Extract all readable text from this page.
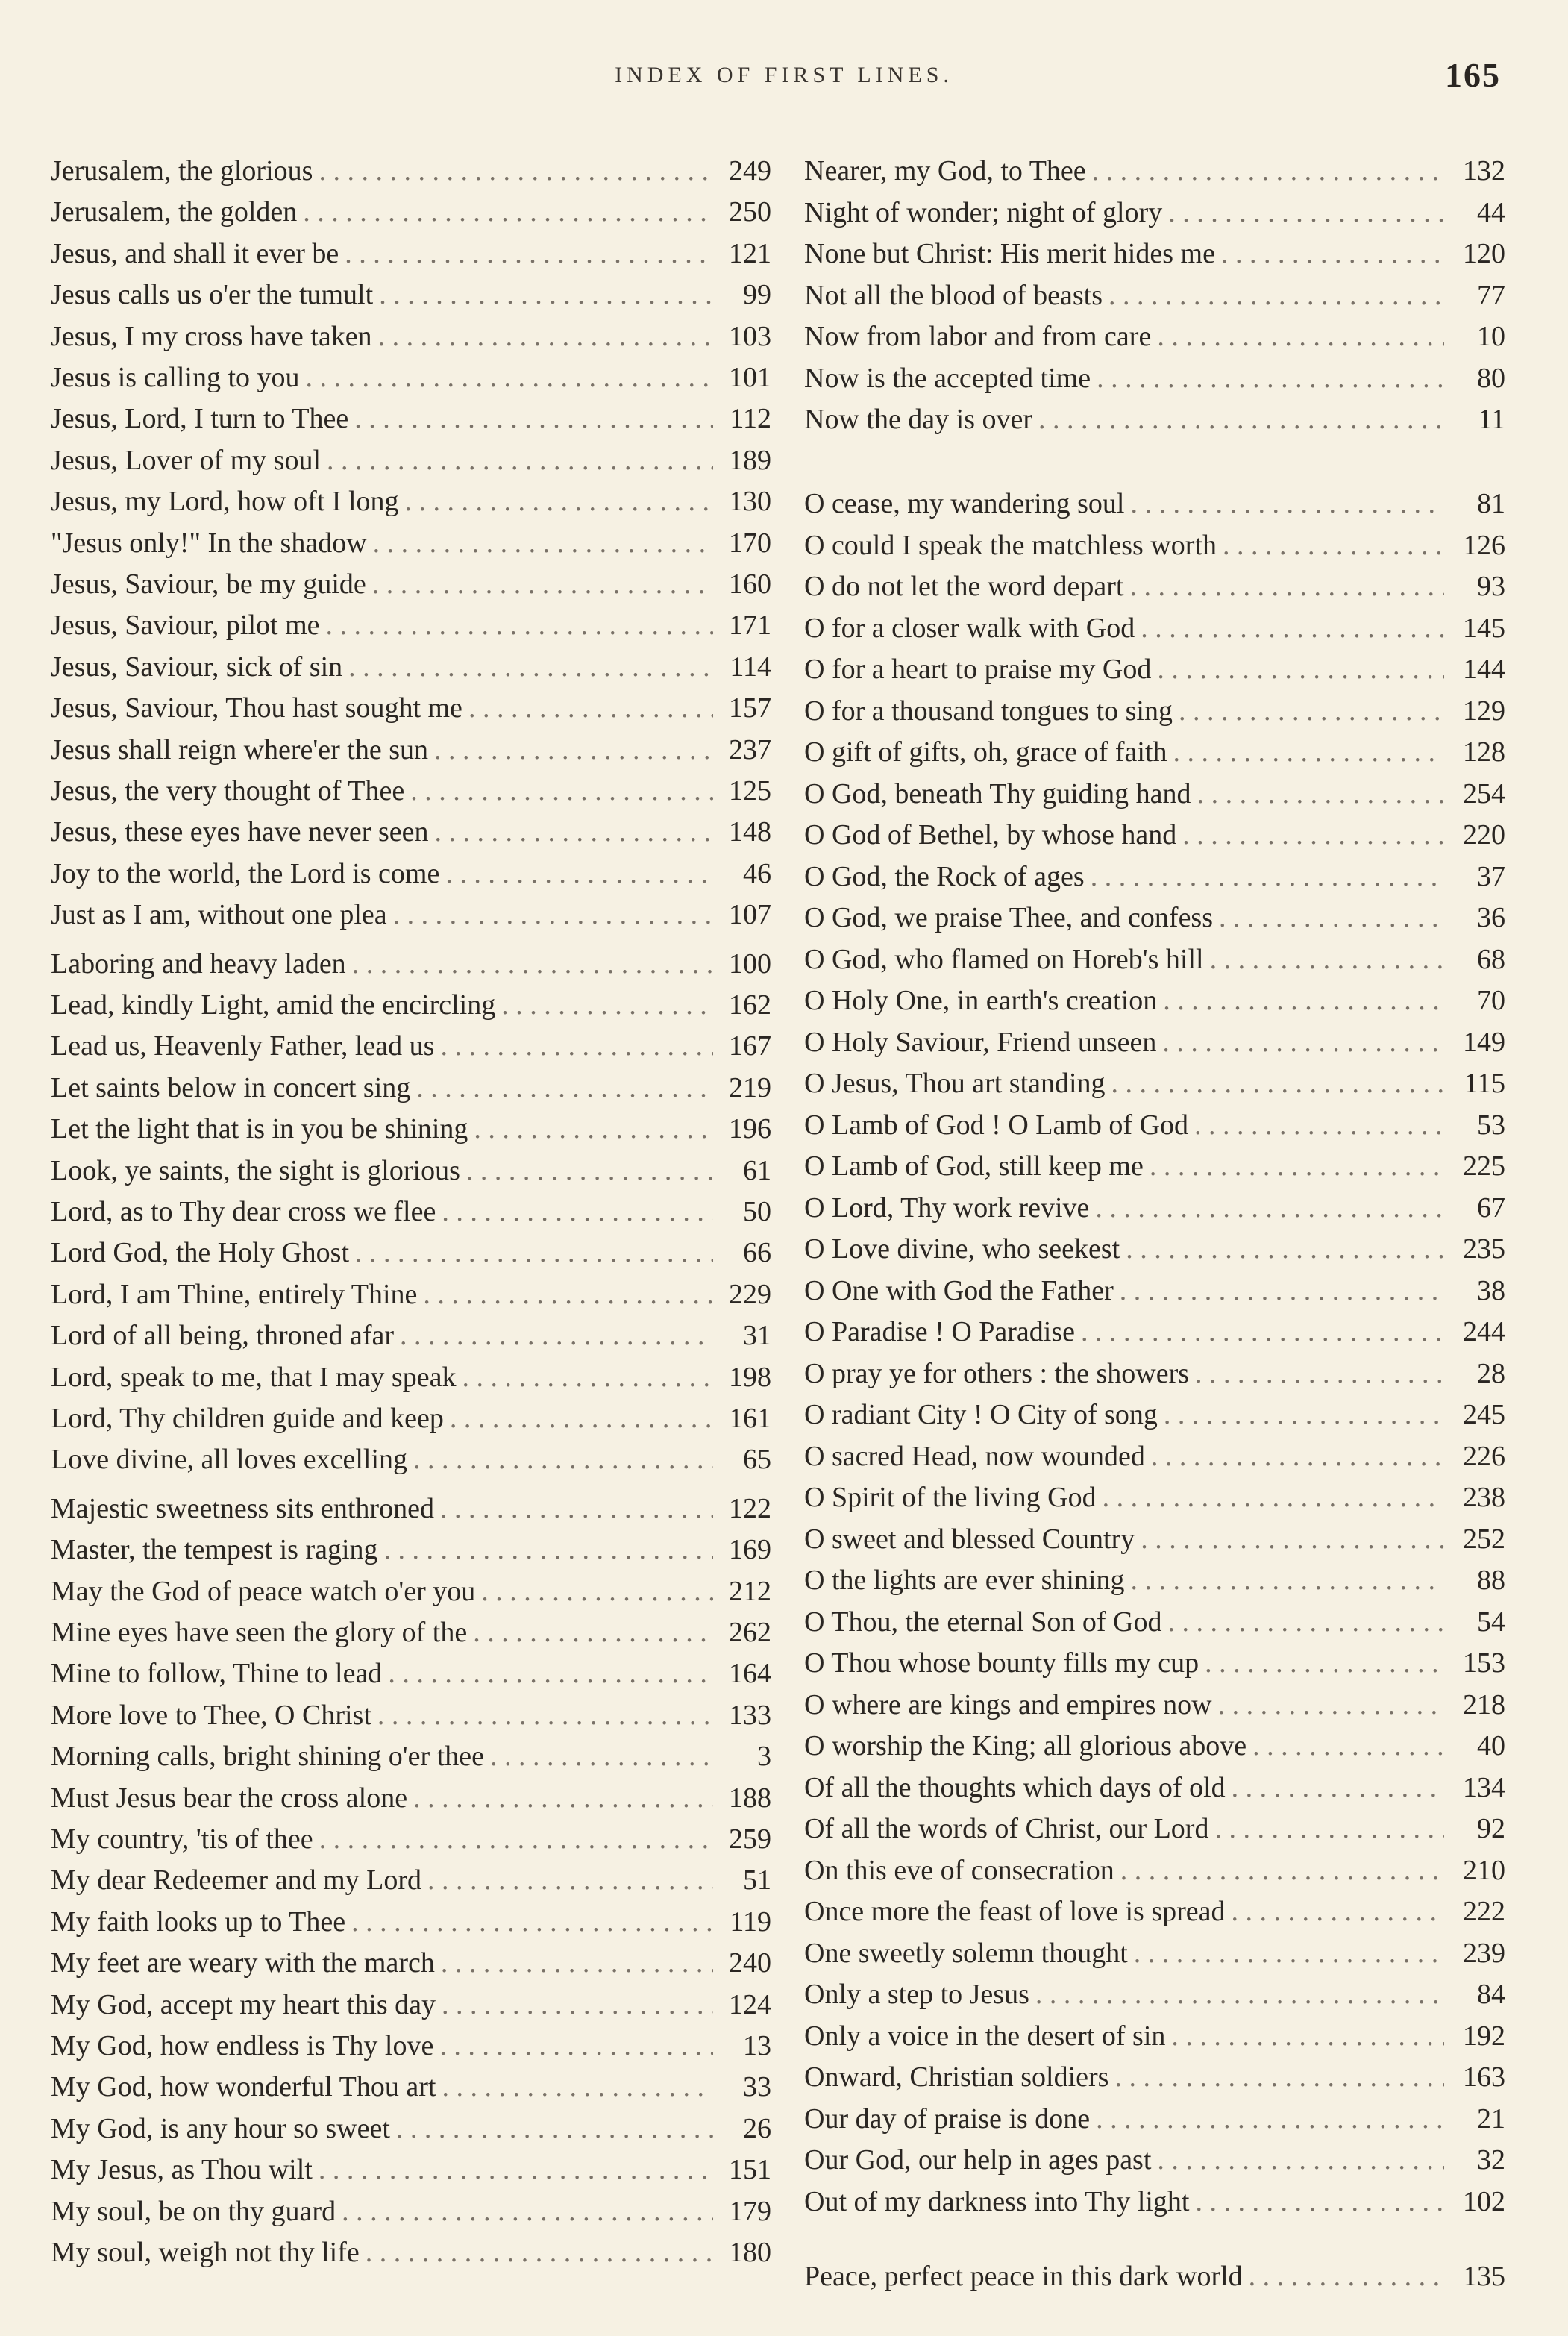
INDEX OF FIRST LINES.	165
Jerusalem, the glorious . . .	249
Jerusalem, the golden . . .	250
Jesus, and shall it ever be . . .	121
Jesus calls us o'er the tumult . . .	99
Jesus, I my cross have taken . . .	103
Jesus is calling to you . . .	101
Jesus, Lord, I turn to Thee . . .	112
Jesus, Lover of my soul . . .	189
Jesus, my Lord, how oft I long . . .	130
"Jesus only!" In the shadow . . .	170
Jesus, Saviour, be my guide . . .	160
Jesus, Saviour, pilot me . . .	171
Jesus, Saviour, sick of sin . . .	114
Jesus, Saviour, Thou hast sought me . . .	157
Jesus shall reign where'er the sun . . .	237
Jesus, the very thought of Thee . . .	125
Jesus, these eyes have never seen . . .	148
Joy to the world, the Lord is come . . .	46
Just as I am, without one plea . . .	107
Laboring and heavy laden . . .	100
Lead, kindly Light, amid the encircling . . .	162
Lead us, Heavenly Father, lead us . . .	167
Let saints below in concert sing . . .	219
Let the light that is in you be shining . . .	196
Look, ye saints, the sight is glorious . . .	61
Lord, as to Thy dear cross we flee . . .	50
Lord God, the Holy Ghost . . .	66
Lord, I am Thine, entirely Thine . . .	229
Lord of all being, throned afar . . .	31
Lord, speak to me, that I may speak . . .	198
Lord, Thy children guide and keep . . .	161
Love divine, all loves excelling . . .	65
Majestic sweetness sits enthroned . . .	122
Master, the tempest is raging . . .	169
May the God of peace watch o'er you . . .	212
Mine eyes have seen the glory of the . . .	262
Mine to follow, Thine to lead . . .	164
More love to Thee, O Christ . . .	133
Morning calls, bright shining o'er thee . . .	3
Must Jesus bear the cross alone . . .	188
My country, 'tis of thee . . .	259
My dear Redeemer and my Lord . . .	51
My faith looks up to Thee . . .	119
My feet are weary with the march . . .	240
My God, accept my heart this day . . .	124
My God, how endless is Thy love . . .	13
My God, how wonderful Thou art . . .	33
My God, is any hour so sweet . . .	26
My Jesus, as Thou wilt . . .	151
My soul, be on thy guard . . .	179
My soul, weigh not thy life . . .	180
Nearer, my God, to Thee . . .	132
Night of wonder; night of glory . . .	44
None but Christ: His merit hides me . . .	120
Not all the blood of beasts . . .	77
Now from labor and from care . . .	10
Now is the accepted time . . .	80
Now the day is over . . .	11
O cease, my wandering soul . . .	81
O could I speak the matchless worth . . .	126
O do not let the word depart . . .	93
O for a closer walk with God . . .	145
O for a heart to praise my God . . .	144
O for a thousand tongues to sing . . .	129
O gift of gifts, oh, grace of faith . . .	128
O God, beneath Thy guiding hand . . .	254
O God of Bethel, by whose hand . . .	220
O God, the Rock of ages . . .	37
O God, we praise Thee, and confess . . .	36
O God, who flamed on Horeb's hill . . .	68
O Holy One, in earth's creation . . .	70
O Holy Saviour, Friend unseen . . .	149
O Jesus, Thou art standing . . .	115
O Lamb of God ! O Lamb of God . . .	53
O Lamb of God, still keep me . . .	225
O Lord, Thy work revive . . .	67
O Love divine, who seekest . . .	235
O One with God the Father . . .	38
O Paradise ! O Paradise . . .	244
O pray ye for others : the showers . . .	28
O radiant City ! O City of song . . .	245
O sacred Head, now wounded . . .	226
O Spirit of the living God . . .	238
O sweet and blessed Country . . .	252
O the lights are ever shining . . .	88
O Thou, the eternal Son of God . . .	54
O Thou whose bounty fills my cup . . .	153
O where are kings and empires now . . .	218
O worship the King; all glorious above . . .	40
Of all the thoughts which days of old . . .	134
Of all the words of Christ, our Lord . . .	92
On this eve of consecration . . .	210
Once more the feast of love is spread . . .	222
One sweetly solemn thought . . .	239
Only a step to Jesus . . .	84
Only a voice in the desert of sin . . .	192
Onward, Christian soldiers . . .	163
Our day of praise is done . . .	21
Our God, our help in ages past . . .	32
Out of my darkness into Thy light . . .	102
Peace, perfect peace in this dark world . . .	135
